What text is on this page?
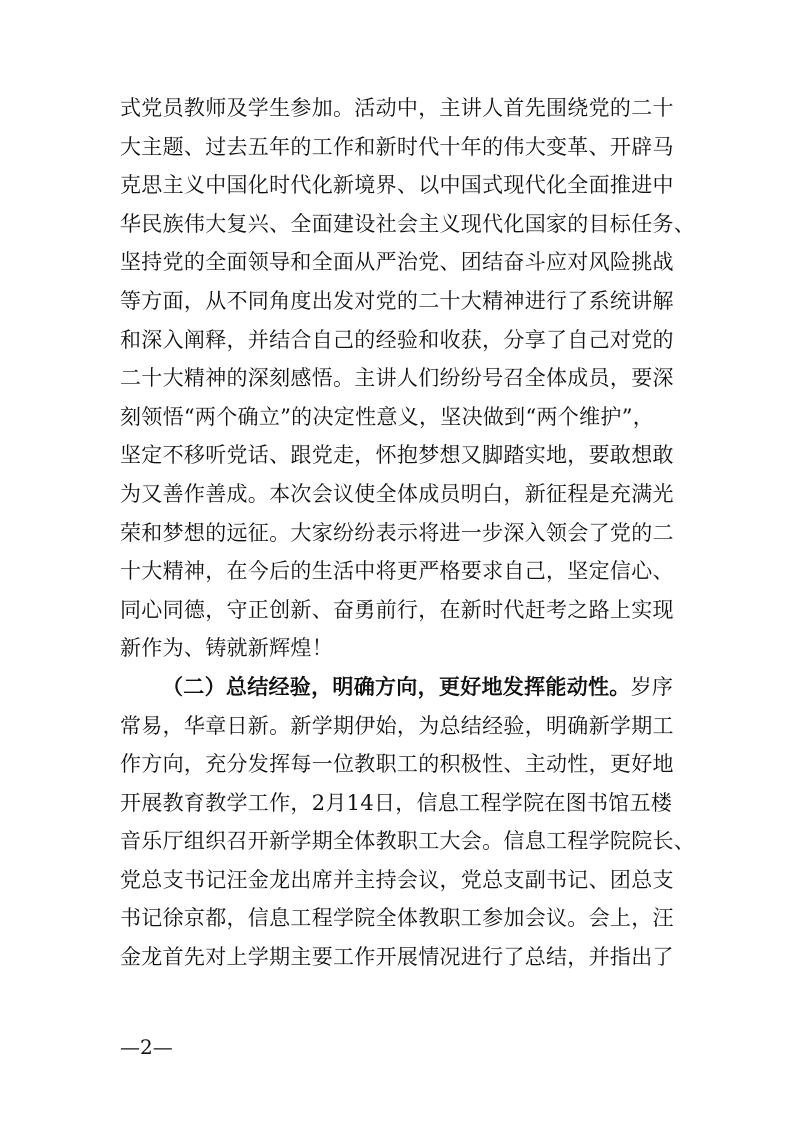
式党员教师及学生参加。活动中，主讲人首先围绕党的二十
大主题、过去五年的工作和新时代十年的伟大变革、开辟马
克思主义中国化时代化新境界、以中国式现代化全面推进中
华民族伟大复兴、全面建设社会主义现代化国家的目标任务、
坚持党的全面领导和全面从严治党、团结奋斗应对风险挑战
等方面，从不同角度出发对党的二十大精神进行了系统讲解
和深入阐释，并结合自己的经验和收获，分享了自己对党的
二十大精神的深刻感悟。主讲人们纷纷号召全体成员，要深
刻领悟“两个确立”的决定性意义，坚决做到“两个维护”，
坚定不移听党话、跟党走，怀抱梦想又脚踏实地，要敢想敢
为又善作善成。本次会议使全体成员明白，新征程是充满光
荣和梦想的远征。大家纷纷表示将进一步深入领会了党的二
十大精神，在今后的生活中将更严格要求自己，坚定信心、
同心同德，守正创新、奋勇前行，在新时代赶考之路上实现
新作为、铸就新辉煌！
（二）总结经验，明确方向，更好地发挥能动性。岁序
常易，华章日新。新学期伊始，为总结经验，明确新学期工
作方向，充分发挥每一位教职工的积极性、主动性，更好地
开展教育教学工作，2月14日，信息工程学院在图书馆五楼
音乐厅组织召开新学期全体教职工大会。信息工程学院院长、
党总支书记汪金龙出席并主持会议，党总支副书记、团总支
书记徐京都，信息工程学院全体教职工参加会议。会上，汪
金龙首先对上学期主要工作开展情况进行了总结，并指出了
—2—
